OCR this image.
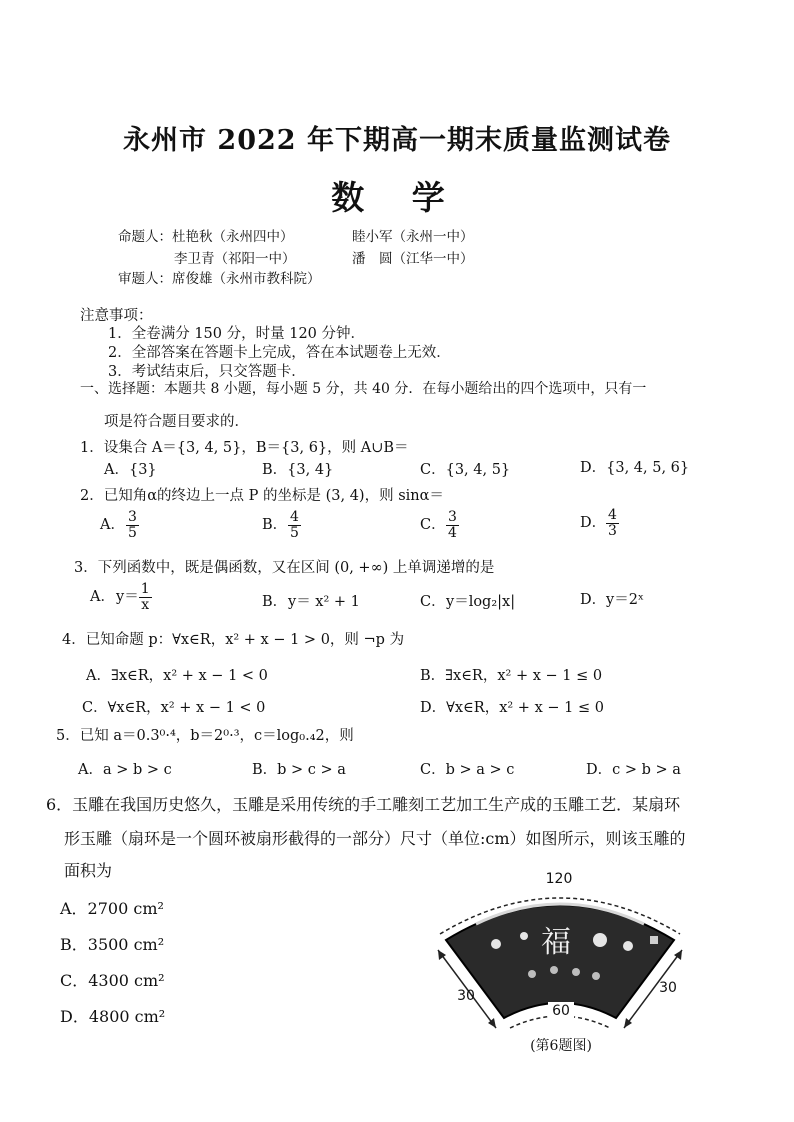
永州市 2022 年下期高一期末质量监测试卷
数 学
命题人：杜艳秋（永州四中）	睦小军（永州一中）
李卫青（祁阳一中）	潘　圆（江华一中）
审题人：席俊雄（永州市教科院）
注意事项：
1．全卷满分 150 分，时量 120 分钟．
2．全部答案在答题卡上完成，答在本试题卷上无效．
3．考试结束后，只交答题卡．
一、选择题：本题共 8 小题，每小题 5 分，共 40 分．在每小题给出的四个选项中，只有一
项是符合题目要求的．
1．设集合 A＝{3, 4, 5}，B＝{3, 6}，则 A∪B＝
A．{3}	B．{3, 4}	C．{3, 4, 5}	D．{3, 4, 5, 6}
2．已知角α的终边上一点 P 的坐标是 (3, 4)，则 sinα＝
A． $\frac{3}{5}$	B． $\frac{4}{5}$	C． $\frac{3}{4}$	D． $\frac{4}{3}$
3．下列函数中，既是偶函数，又在区间 (0, +∞) 上单调递增的是
A．$y= \frac{1}{x}$	B．y＝ x² + 1	C．y＝log₂|x|	D．y＝2ˣ
4．已知命题 p：∀x∈R，x² + x − 1 > 0，则 ¬p 为
A．∃x∈R，x² + x − 1 < 0	B．∃x∈R，x² + x − 1 ≤ 0
C．∀x∈R，x² + x − 1 < 0	D．∀x∈R，x² + x − 1 ≤ 0
5．已知 a＝0.3⁰·⁴，b＝2⁰·³，c＝log₀.₄2，则
A．a > b > c	B．b > c > a	C．b > a > c	D．c > b > a
6．玉雕在我国历史悠久，玉雕是采用传统的手工雕刻工艺加工生产成的玉雕工艺．某扇环
形玉雕（扇环是一个圆环被扇形截得的一部分）尺寸（单位:cm）如图所示，则该玉雕的
面积为
A．2700 cm²
B．3500 cm²
C．4300 cm²
D．4800 cm²
福
120
30	30
60
(第6题图)
